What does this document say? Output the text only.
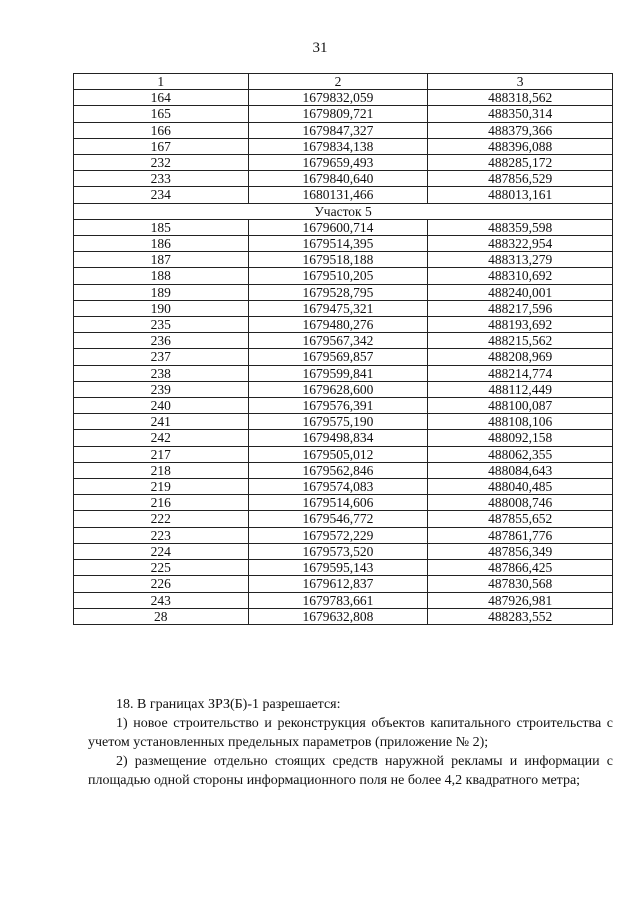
31
1	2	3
164	1679832,059	488318,562
165	1679809,721	488350,314
166	1679847,327	488379,366
167	1679834,138	488396,088
232	1679659,493	488285,172
233	1679840,640	487856,529
234	1680131,466	488013,161
Участок 5		
185	1679600,714	488359,598
186	1679514,395	488322,954
187	1679518,188	488313,279
188	1679510,205	488310,692
189	1679528,795	488240,001
190	1679475,321	488217,596
235	1679480,276	488193,692
236	1679567,342	488215,562
237	1679569,857	488208,969
238	1679599,841	488214,774
239	1679628,600	488112,449
240	1679576,391	488100,087
241	1679575,190	488108,106
242	1679498,834	488092,158
217	1679505,012	488062,355
218	1679562,846	488084,643
219	1679574,083	488040,485
216	1679514,606	488008,746
222	1679546,772	487855,652
223	1679572,229	487861,776
224	1679573,520	487856,349
225	1679595,143	487866,425
226	1679612,837	487830,568
243	1679783,661	487926,981
28	1679632,808	488283,552

18. В границах ЗРЗ(Б)-1 разрешается:

1) новое строительство и реконструкция объектов капитального строительства с учетом установленных предельных параметров (приложение № 2);

2) размещение отдельно стоящих средств наружной рекламы и информации с площадью одной стороны информационного поля не более 4,2 квадратного метра;
